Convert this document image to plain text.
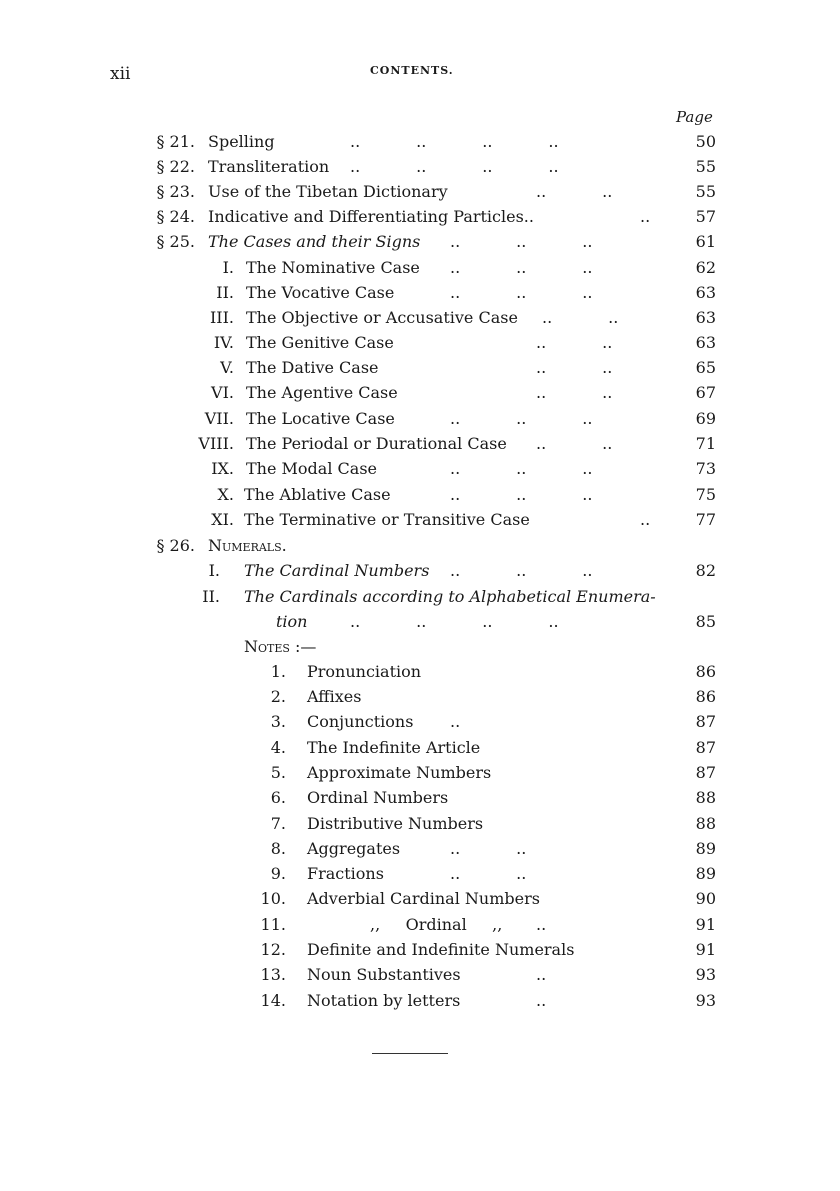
xii	CONTENTS.
Page
§ 21. Spelling	..           ..           ..           ..	50
§ 22. Transliteration ..           ..           ..           ..	55
§ 23. Use of the Tibetan Dictionary	..           ..	55
§ 24. Indicative and Differentiating Particles..	..	57
§ 25. The Cases and their Signs ..           ..           ..	61
I. The Nominative Case ..           ..           ..	62
II. The Vocative Case	..           ..           ..	63
III. The Objective or Accusative Case ..           ..	63
IV. The Genitive Case	..           ..	63
V. The Dative Case	..           ..	65
VI. The Agentive Case	..           ..	67
VII. The Locative Case	..           ..           ..	69
VIII. The Periodal or Durational Case ..           ..	71
IX. The Modal Case	..           ..           ..	73
X. The Ablative Case	..           ..           ..	75
XI. The Terminative or Transitive Case	..	77
§ 26. Numerals.
I. The Cardinal Numbers ..           ..           ..	82
II. The Cardinals according to Alphabetical Enumera-
tion	..           ..           ..           ..	85
Notes :—
1. Pronunciation	86
2. Affixes	86
3. Conjunctions ..	87
4. The Indefinite Article	87
5. Approximate Numbers	87
6. Ordinal Numbers	88
7. Distributive Numbers	88
8. Aggregates	..           ..	89
9. Fractions	..           ..	89
10. Adverbial Cardinal Numbers	90
11.	,,     Ordinal     ,, ..	91
12. Definite and Indefinite Numerals	91
13. Noun Substantives	..	93
14. Notation by letters	..	93
